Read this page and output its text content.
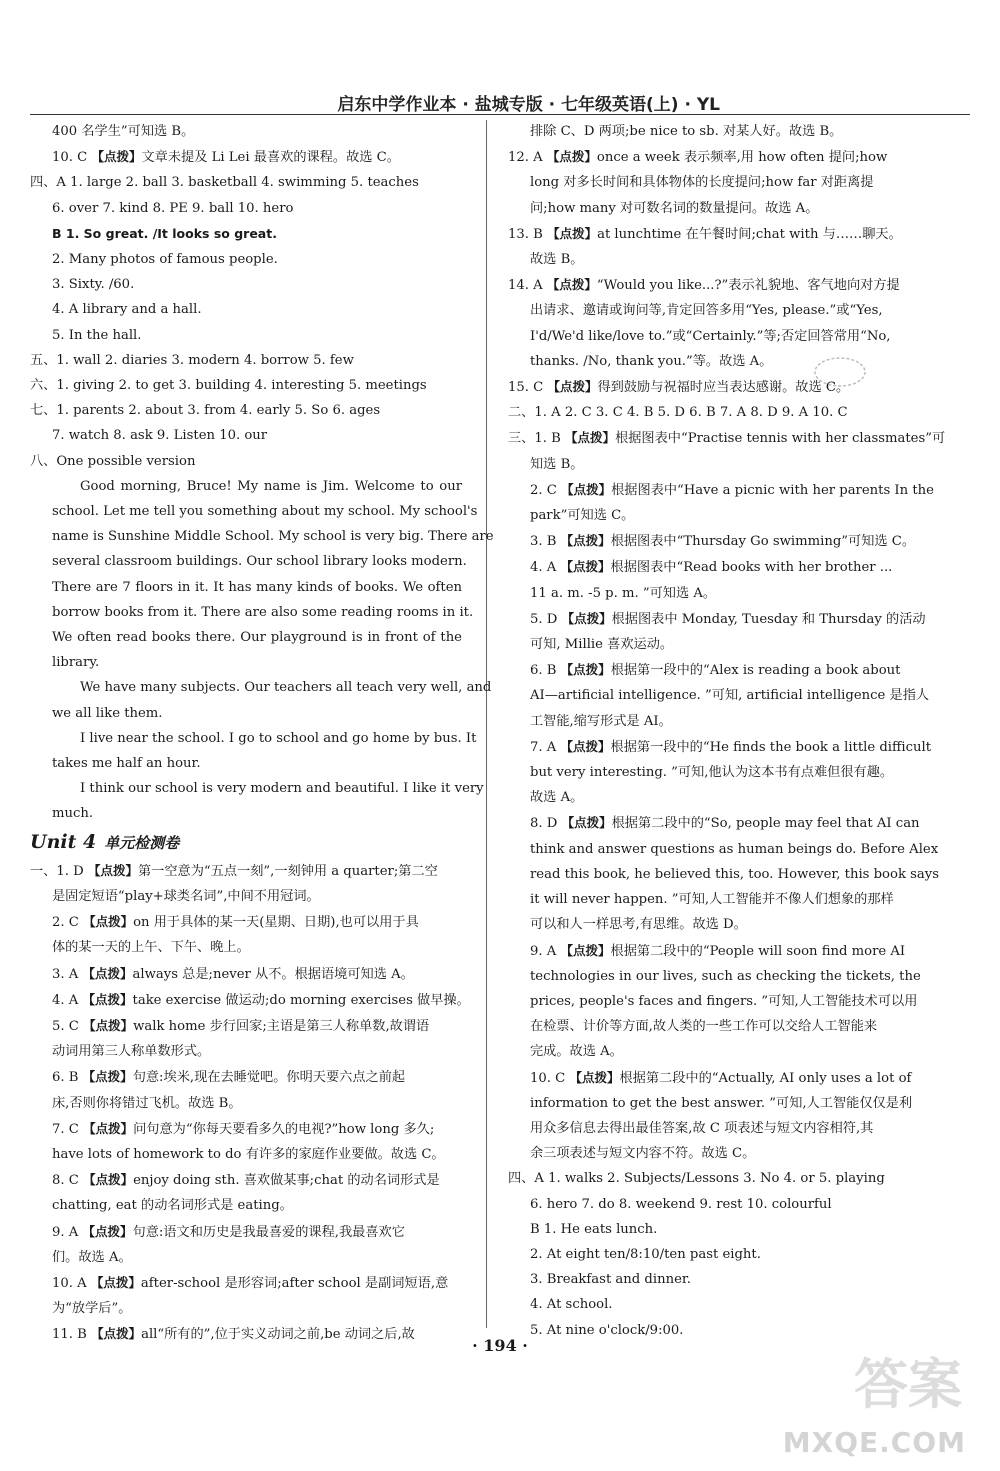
启东中学作业本 · 盐城专版 · 七年级英语(上) · YL
400 名学生”可知选 B。
10. C 【点拨】文章未提及 Li Lei 最喜欢的课程。故选 C。
四、A 1. large 2. ball 3. basketball 4. swimming 5. teaches
6. over 7. kind 8. PE 9. ball 10. hero
B 1. So great. /It looks so great.
2. Many photos of famous people.
3. Sixty. /60.
4. A library and a hall.
5. In the hall.
五、1. wall 2. diaries 3. modern 4. borrow 5. few
六、1. giving 2. to get 3. building 4. interesting 5. meetings
七、1. parents 2. about 3. from 4. early 5. So 6. ages
7. watch 8. ask 9. Listen 10. our
八、One possible version
Good morning, Bruce! My name is Jim. Welcome to our
school. Let me tell you something about my school. My school's
name is Sunshine Middle School. My school is very big. There are
several classroom buildings. Our school library looks modern.
There are 7 floors in it. It has many kinds of books. We often
borrow books from it. There are also some reading rooms in it.
We often read books there. Our playground is in front of the
library.
We have many subjects. Our teachers all teach very well, and
we all like them.
I live near the school. I go to school and go home by bus. It
takes me half an hour.
I think our school is very modern and beautiful. I like it very
much.
Unit 4 单元检测卷
一、1. D 【点拨】第一空意为“五点一刻”,一刻钟用 a quarter;第二空
是固定短语“play+球类名词”,中间不用冠词。
2. C 【点拨】on 用于具体的某一天(星期、日期),也可以用于具
体的某一天的上午、下午、晚上。
3. A 【点拨】always 总是;never 从不。根据语境可知选 A。
4. A 【点拨】take exercise 做运动;do morning exercises 做早操。
5. C 【点拨】walk home 步行回家;主语是第三人称单数,故谓语
动词用第三人称单数形式。
6. B 【点拨】句意:埃米,现在去睡觉吧。你明天要六点之前起
床,否则你将错过飞机。故选 B。
7. C 【点拨】问句意为“你每天要看多久的电视?”how long 多久;
have lots of homework to do 有许多的家庭作业要做。故选 C。
8. C 【点拨】enjoy doing sth. 喜欢做某事;chat 的动名词形式是
chatting, eat 的动名词形式是 eating。
9. A 【点拨】句意:语文和历史是我最喜爱的课程,我最喜欢它
们。故选 A。
10. A 【点拨】after-school 是形容词;after school 是副词短语,意
为“放学后”。
11. B 【点拨】all“所有的”,位于实义动词之前,be 动词之后,故
排除 C、D 两项;be nice to sb. 对某人好。故选 B。
12. A 【点拨】once a week 表示频率,用 how often 提问;how
long 对多长时间和具体物体的长度提问;how far 对距离提
问;how many 对可数名词的数量提问。故选 A。
13. B 【点拨】at lunchtime 在午餐时间;chat with 与……聊天。
故选 B。
14. A 【点拨】“Would you like...?”表示礼貌地、客气地向对方提
出请求、邀请或询问等,肯定回答多用“Yes, please.”或“Yes,
I'd/We'd like/love to.”或“Certainly.”等;否定回答常用“No,
thanks. /No, thank you.”等。故选 A。
15. C 【点拨】得到鼓励与祝福时应当表达感谢。故选 C。
二、1. A 2. C 3. C 4. B 5. D 6. B 7. A 8. D 9. A 10. C
三、1. B 【点拨】根据图表中“Practise tennis with her classmates”可
知选 B。
2. C 【点拨】根据图表中“Have a picnic with her parents In the
park”可知选 C。
3. B 【点拨】根据图表中“Thursday Go swimming”可知选 C。
4. A 【点拨】根据图表中“Read books with her brother ...
11 a. m. -5 p. m. ”可知选 A。
5. D 【点拨】根据图表中 Monday, Tuesday 和 Thursday 的活动
可知, Millie 喜欢运动。
6. B 【点拨】根据第一段中的“Alex is reading a book about
AI—artificial intelligence. ”可知, artificial intelligence 是指人
工智能,缩写形式是 AI。
7. A 【点拨】根据第一段中的“He finds the book a little difficult
but very interesting. ”可知,他认为这本书有点难但很有趣。
故选 A。
8. D 【点拨】根据第二段中的“So, people may feel that AI can
think and answer questions as human beings do. Before Alex
read this book, he believed this, too. However, this book says
it will never happen. ”可知,人工智能并不像人们想象的那样
可以和人一样思考,有思维。故选 D。
9. A 【点拨】根据第二段中的“People will soon find more AI
technologies in our lives, such as checking the tickets, the
prices, people's faces and fingers. ”可知,人工智能技术可以用
在检票、计价等方面,故人类的一些工作可以交给人工智能来
完成。故选 A。
10. C 【点拨】根据第二段中的“Actually, AI only uses a lot of
information to get the best answer. ”可知,人工智能仅仅是利
用众多信息去得出最佳答案,故 C 项表述与短文内容相符,其
余三项表述与短文内容不符。故选 C。
四、A 1. walks 2. Subjects/Lessons 3. No 4. or 5. playing
6. hero 7. do 8. weekend 9. rest 10. colourful
B 1. He eats lunch.
2. At eight ten/8:10/ten past eight.
3. Breakfast and dinner.
4. At school.
5. At nine o'clock/9:00.
· 194 ·
答案
MXQE.COM
